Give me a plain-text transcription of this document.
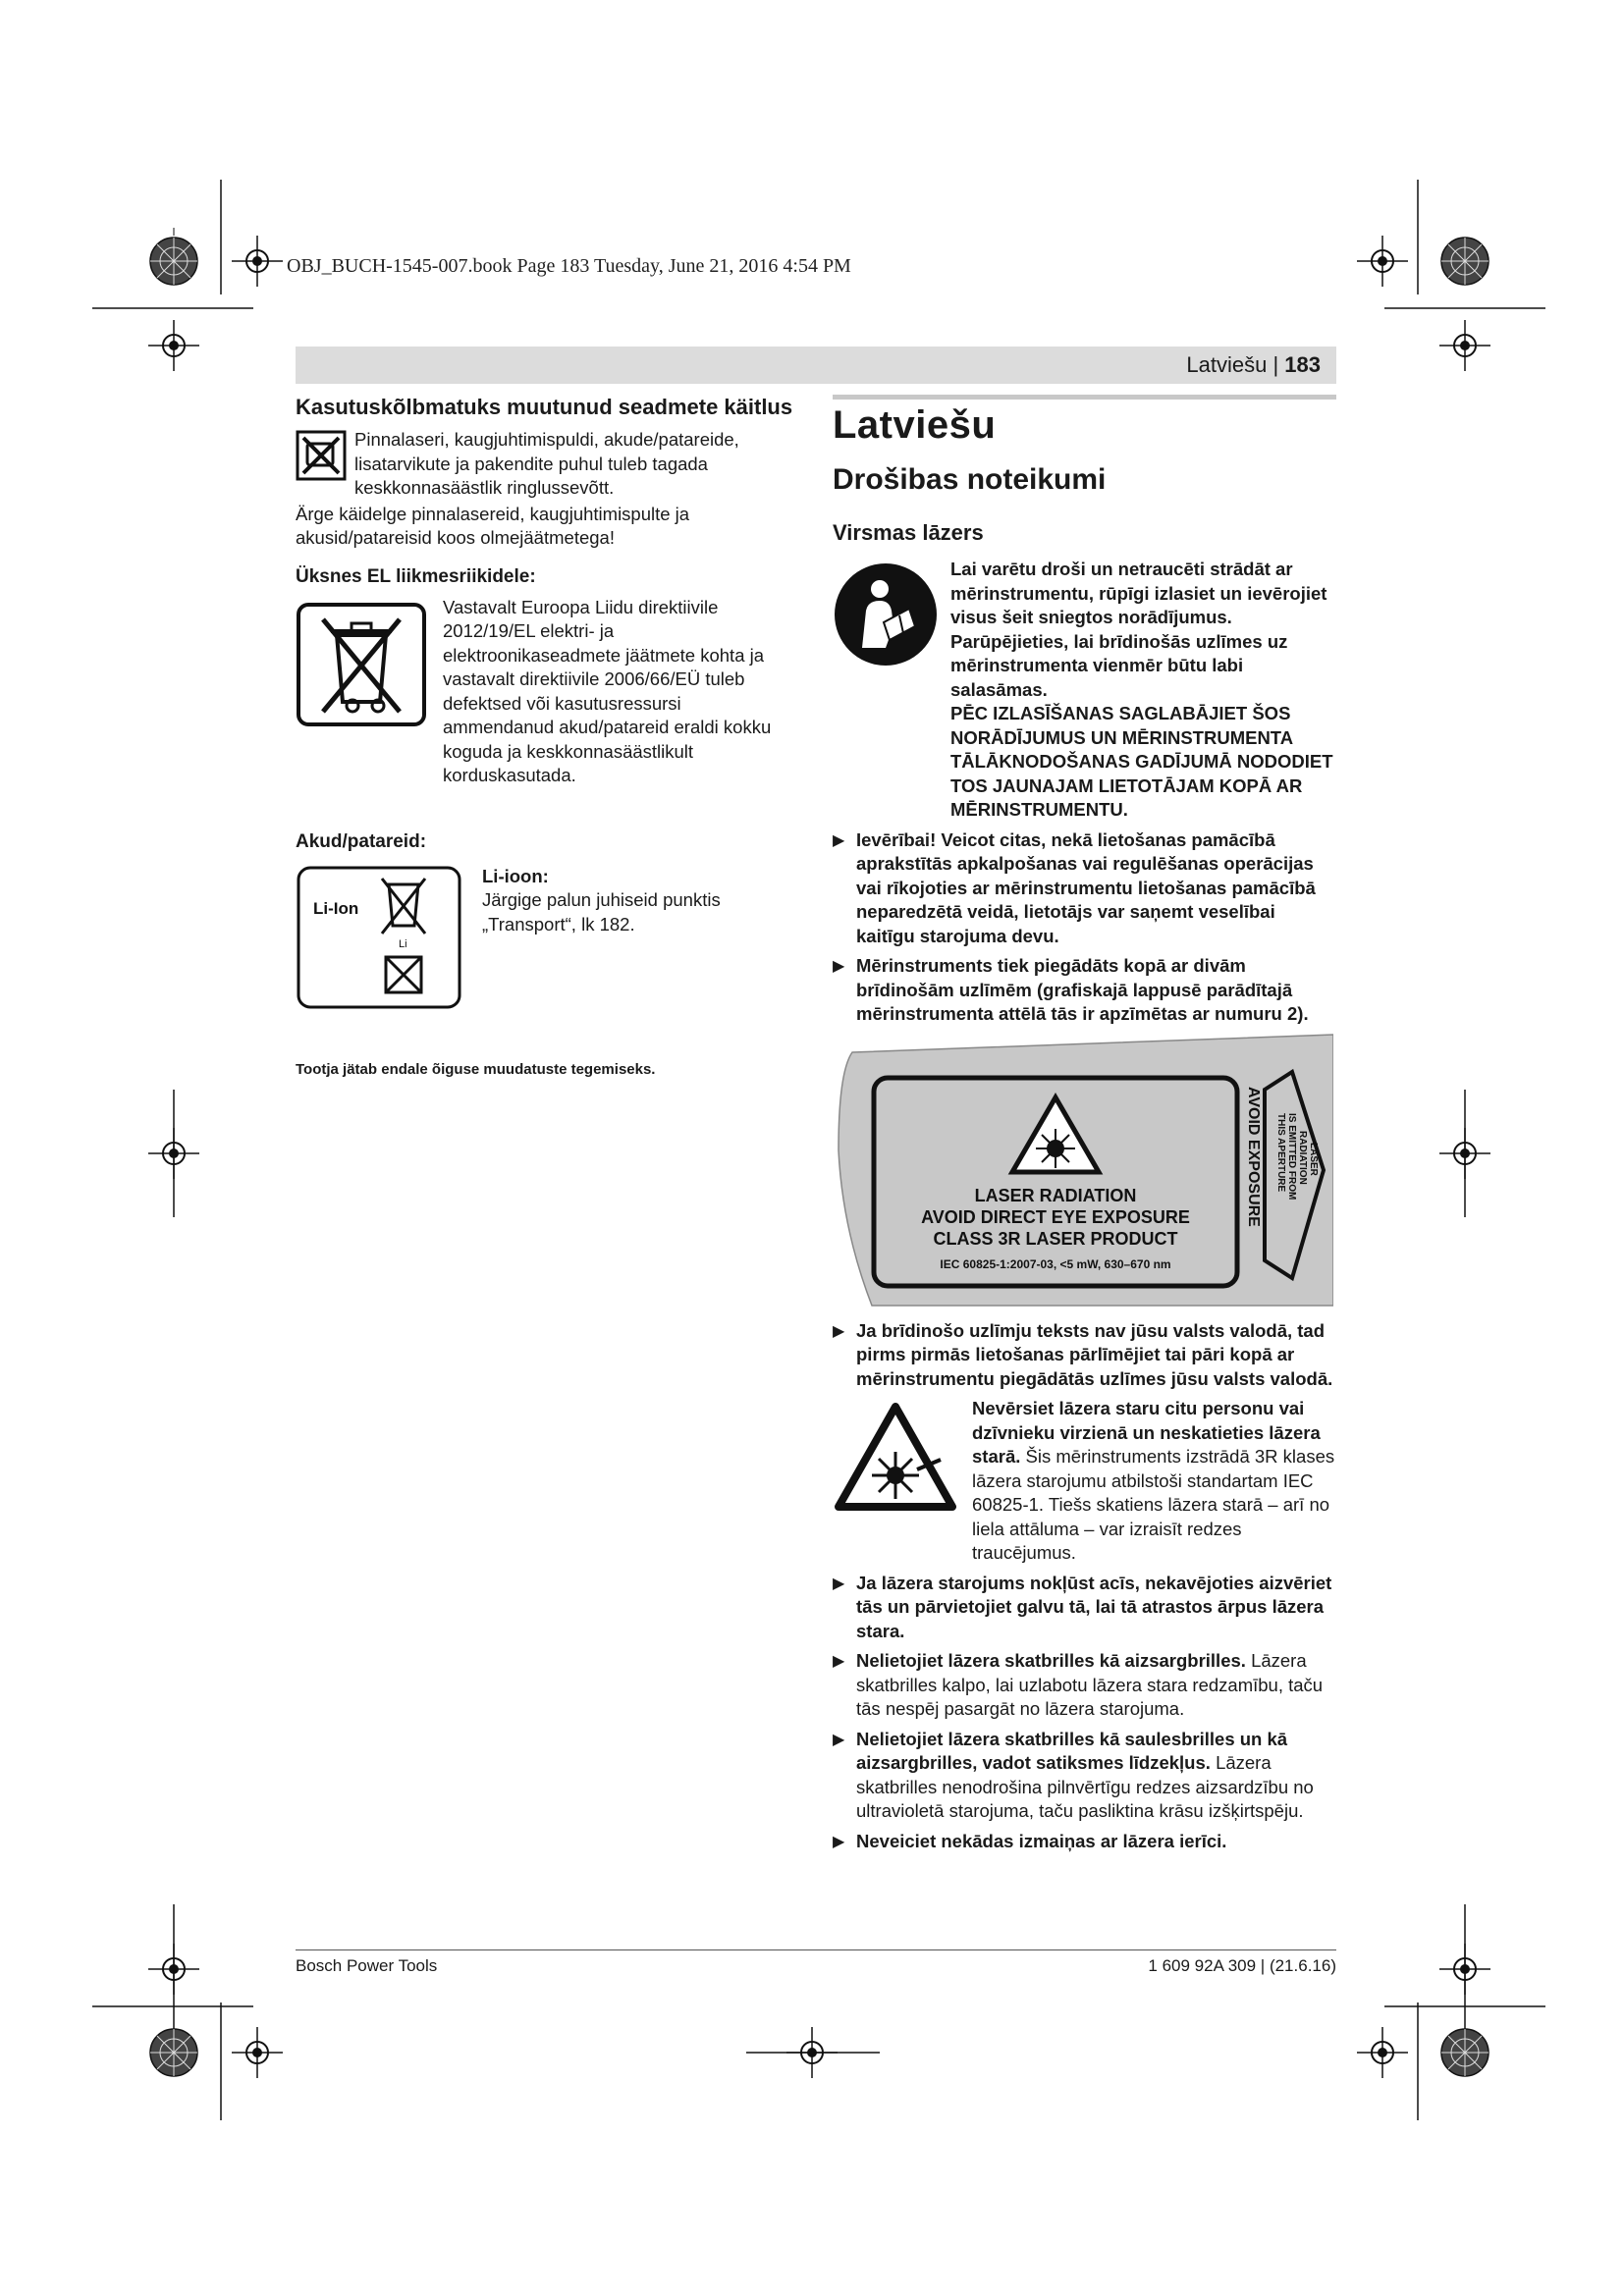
OBJ_BUCH-1545-007.book Page 183 Tuesday, June 21, 2016 4:54 PM
Latviešu | 183
Kasutuskõlbmatuks muutunud seadmete käitlus

Pinnalaseri, kaugjuhtimispuldi, akude/patareide, lisatarvikute ja pakendite puhul tuleb tagada keskkonnasäästlik ringlussevõtt.

Ärge käidelge pinnalasereid, kaugjuhtimispulte ja akusid/patareisid koos olmejäätmetega!

Üksnes EL liikmesriikidele:

Vastavalt Euroopa Liidu direktiivile 2012/19/EL elektri- ja elektroonikaseadmete jäätmete kohta ja vastavalt direktiivile 2006/66/EÜ tuleb defektsed või kasutusressursi ammendanud akud/patareid eraldi kokku koguda ja keskkonnasäästlikult korduskasutada.

Akud/patareid:
Li-Ion
Li

Li-ioon:

Järgige palun juhiseid punktis „Transport“, lk 182.

Tootja jätab endale õiguse muudatuste tegemiseks.

Latviešu
Drošibas noteikumi
Virsmas lāzers

Lai varētu droši un netraucēti strādāt ar mērinstrumentu, rūpīgi izlasiet un ievērojiet visus šeit sniegtos norādījumus. Parūpējieties, lai brīdinošās uzlīmes uz mērinstrumenta vienmēr būtu labi salasāmas.

PĒC IZLASĪŠANAS SAGLABĀJIET ŠOS NORĀDĪJUMUS UN MĒRINSTRUMENTA TĀLĀKNODOŠANAS GADĪJUMĀ NODODIET TOS JAUNAJAM LIETOTĀJAM KOPĀ AR MĒRINSTRUMENTU.

▶ Ievērībai! Veicot citas, nekā lietošanas pamācībā aprakstītās apkalpošanas vai regulēšanas operācijas vai rīkojoties ar mērinstrumentu lietošanas pamācībā neparedzētā veidā, lietotājs var saņemt veselībai kaitīgu starojuma devu.
▶ Mērinstruments tiek piegādāts kopā ar divām brīdinošām uzlīmēm (grafiskajā lappusē parādītajā mērinstrumenta attēlā tās ir apzīmētas ar numuru 2).
LASER RADIATION
AVOID DIRECT EYE EXPOSURE
CLASS 3R LASER PRODUCT
IEC 60825-1:2007-03, <5 mW, 630–670 nm
AVOID EXPOSURE	LASER
RADIATION
IS EMITTED FROM
THIS APERTURE
▶ Ja brīdinošo uzlīmju teksts nav jūsu valsts valodā, tad pirms pirmās lietošanas pārlīmējiet tai pāri kopā ar mērinstrumentu piegādātās uzlīmes jūsu valsts valodā.

Nevērsiet lāzera staru citu personu vai dzīvnieku virzienā un neskatieties lāzera starā. Šis mērinstruments izstrādā 3R klases lāzera starojumu atbilstoši standartam IEC 60825-1. Tiešs skatiens lāzera starā – arī no liela attāluma – var izraisīt redzes traucējumus.

▶ Ja lāzera starojums nokļūst acīs, nekavējoties aizvēriet tās un pārvietojiet galvu tā, lai tā atrastos ārpus lāzera stara.
▶ Nelietojiet lāzera skatbrilles kā aizsargbrilles. Lāzera skatbrilles kalpo, lai uzlabotu lāzera stara redzamību, taču tās nespēj pasargāt no lāzera starojuma.
▶ Nelietojiet lāzera skatbrilles kā saulesbrilles un kā aizsargbrilles, vadot satiksmes līdzekļus. Lāzera skatbrilles nenodrošina pilnvērtīgu redzes aizsardzību no ultravioletā starojuma, taču pasliktina krāsu izšķirtspēju.
▶ Neveiciet nekādas izmaiņas ar lāzera ierīci.
Bosch Power Tools	1 609 92A 309 | (21.6.16)
